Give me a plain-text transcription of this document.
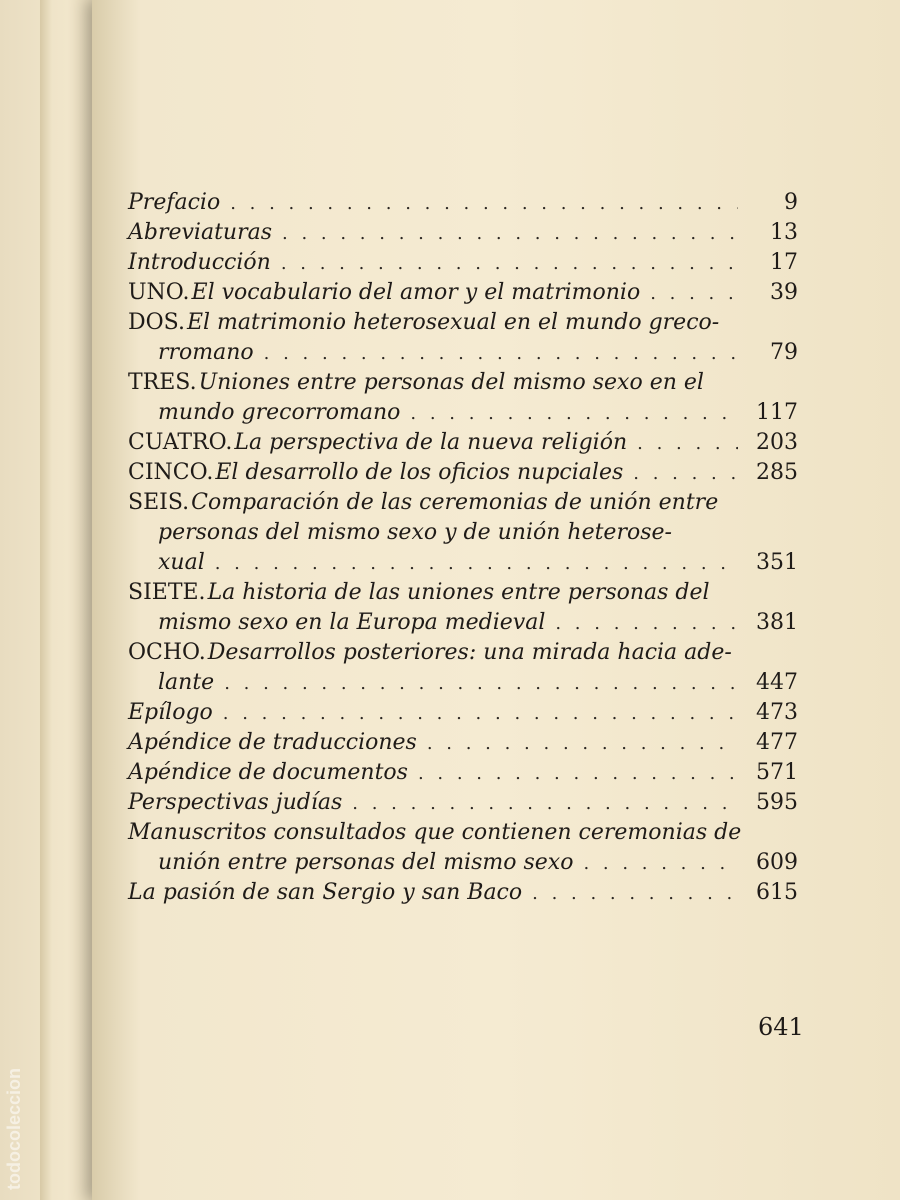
Prefacio . . .	9
Abreviaturas . . .	13
Introducción . . .	17
UNO. El vocabulario del amor y el matrimonio . . .	39
DOS. El matrimonio heterosexual en el mundo greco-
rromano . . .	79
TRES. Uniones entre personas del mismo sexo en el
mundo grecorromano . . .	117
CUATRO. La perspectiva de la nueva religión . . .	203
CINCO. El desarrollo de los oficios nupciales . . .	285
SEIS. Comparación de las ceremonias de unión entre
personas del mismo sexo y de unión heterose-
xual . . .	351
SIETE. La historia de las uniones entre personas del
mismo sexo en la Europa medieval . . .	381
OCHO. Desarrollos posteriores: una mirada hacia ade-
lante . . .	447
Epílogo . . .	473
Apéndice de traducciones . . .	477
Apéndice de documentos . . .	571
Perspectivas judías . . .	595
Manuscritos consultados que contienen ceremonias de
unión entre personas del mismo sexo . . .	609
La pasión de san Sergio y san Baco . . .	615
641
todocoleccion
